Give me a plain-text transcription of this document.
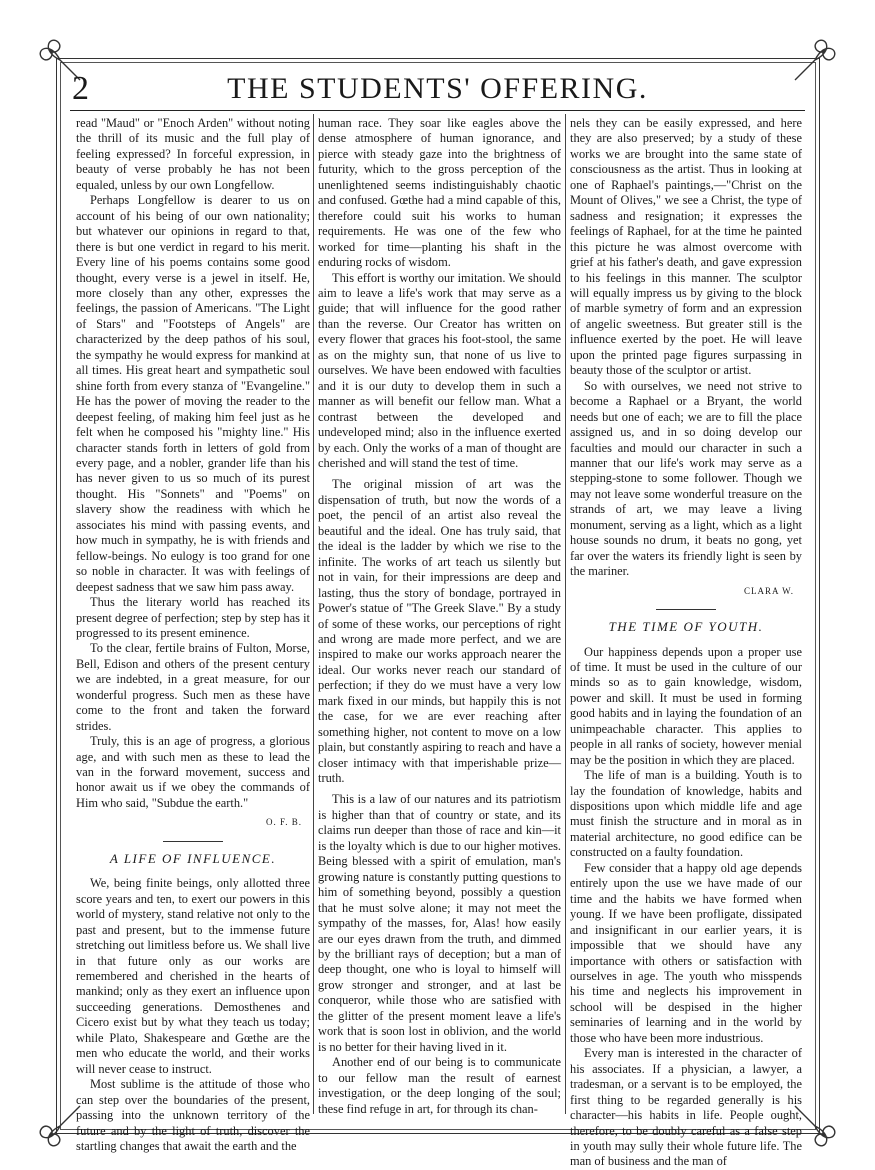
2	THE STUDENTS' OFFERING.

read "Maud" or "Enoch Arden" without noting the thrill of its music and the full play of feeling expressed? In forceful expression, in beauty of verse probably he has not been equaled, unless by our own Longfellow.

Perhaps Longfellow is dearer to us on account of his being of our own nationality; but whatever our opinions in regard to that, there is but one verdict in regard to his merit. Every line of his poems contains some good thought, every verse is a jewel in itself. He, more closely than any other, expresses the feelings, the passion of Americans. "The Light of Stars" and "Footsteps of Angels" are characterized by the deep pathos of his soul, the sympathy he would express for mankind at all times. His great heart and sympathetic soul shine forth from every stanza of "Evangeline." He has the power of moving the reader to the deepest feeling, of making him feel just as he felt when he composed his "mighty line." His character stands forth in letters of gold from every page, and a nobler, grander life than his has never given to us so much of its purest thought. His "Sonnets" and "Poems" on slavery show the readiness with which he associates his mind with passing events, and how much in sympathy, he is with friends and fellow-beings. No eulogy is too grand for one so noble in character. It was with feelings of deepest sadness that we saw him pass away.

Thus the literary world has reached its present degree of perfection; step by step has it progressed to its present eminence.

To the clear, fertile brains of Fulton, Morse, Bell, Edison and others of the present century we are indebted, in a great measure, for our wonderful progress. Such men as these have come to the front and taken the forward strides.

Truly, this is an age of progress, a glorious age, and with such men as these to lead the van in the forward movement, success and honor await us if we obey the commands of Him who said, "Subdue the earth."

O. F. B.
A LIFE OF INFLUENCE.

We, being finite beings, only allotted three score years and ten, to exert our powers in this world of mystery, stand relative not only to the past and present, but to the immense future stretching out limitless before us. We shall live in that future only as our works are remembered and cherished in the hearts of mankind; only as they exert an influence upon succeeding generations. Demosthenes and Cicero exist but by what they teach us today; while Plato, Shakespeare and Gœthe are the men who educate the world, and their works will never cease to instruct.

Most sublime is the attitude of those who can step over the boundaries of the present, passing into the unknown territory of the future and by the light of truth, discover the startling changes that await the earth and the

human race. They soar like eagles above the dense atmosphere of human ignorance, and pierce with steady gaze into the brightness of futurity, which to the gross perception of the unenlightened seems indistinguishably chaotic and confused. Gœthe had a mind capable of this, therefore could suit his works to human requirements. He was one of the few who worked for time—planting his shaft in the enduring rocks of wisdom.

This effort is worthy our imitation. We should aim to leave a life's work that may serve as a guide; that will influence for the good rather than the reverse. Our Creator has written on every flower that graces his foot-stool, the same as on the mighty sun, that none of us live to ourselves. We have been endowed with faculties and it is our duty to develop them in such a manner as will benefit our fellow man. What a contrast between the developed and undeveloped mind; also in the influence exerted by each. Only the works of a man of thought are cherished and will stand the test of time.

The original mission of art was the dispensation of truth, but now the words of a poet, the pencil of an artist also reveal the beautiful and the ideal. One has truly said, that the ideal is the ladder by which we rise to the infinite. The works of art teach us silently but not in vain, for their impressions are deep and lasting, thus the story of bondage, portrayed in Power's statue of "The Greek Slave." By a study of some of these works, our perceptions of right and wrong are made more perfect, and we are inspired to make our works approach nearer the ideal. Our works never reach our standard of perfection; if they do we must have a very low mark fixed in our minds, but happily this is not the case, for we are ever reaching after something higher, not content to move on a low plain, but constantly aspiring to reach and have a closer intimacy with that imperishable prize—truth.

This is a law of our natures and its patriotism is higher than that of country or state, and its claims run deeper than those of race and kin—it is the loyalty which is due to our higher motives. Being blessed with a spirit of emulation, man's growing nature is constantly putting questions to him of something beyond, possibly a question that he must solve alone; it may not meet the sympathy of the masses, for, Alas! how easily are our eyes drawn from the truth, and dimmed by the brilliant rays of deception; but a man of deep thought, one who is loyal to himself will grow stronger and stronger, and at last be conqueror, while those who are satisfied with the glitter of the present moment leave a life's work that is soon lost in oblivion, and the world is no better for their having lived in it.

Another end of our being is to communicate to our fellow man the result of earnest investigation, or the deep longing of the soul; these find refuge in art, for through its chan-

nels they can be easily expressed, and here they are also preserved; by a study of these works we are brought into the same state of consciousness as the artist. Thus in looking at one of Raphael's paintings,—"Christ on the Mount of Olives," we see a Christ, the type of sadness and resignation; it expresses the feelings of Raphael, for at the time he painted this picture he was almost overcome with grief at his father's death, and gave expression to his feelings in this manner. The sculptor will equally impress us by giving to the block of marble symetry of form and an expression of angelic sweetness. But greater still is the influence exerted by the poet. He will leave upon the printed page figures surpassing in beauty those of the sculptor or artist.

So with ourselves, we need not strive to become a Raphael or a Bryant, the world needs but one of each; we are to fill the place assigned us, and in so doing develop our faculties and mould our character in such a manner that our life's work may serve as a stepping-stone to some follower. Though we may not leave some wonderful treasure on the strands of art, we may leave a living monument, serving as a light, which as a light house sounds no drum, it beats no gong, yet far over the waters its friendly light is seen by the mariner.

CLARA W.
THE TIME OF YOUTH.

Our happiness depends upon a proper use of time. It must be used in the culture of our minds so as to gain knowledge, wisdom, power and skill. It must be used in forming good habits and in laying the foundation of an unimpeachable character. This applies to people in all ranks of society, however menial may be the position in which they are placed.

The life of man is a building. Youth is to lay the foundation of knowledge, habits and dispositions upon which middle life and age must finish the structure and in moral as in material architecture, no good edifice can be constructed on a faulty foundation.

Few consider that a happy old age depends entirely upon the use we have made of our time and the habits we have formed when young. If we have been profligate, dissipated and insignificant in our earlier years, it is impossible that we should have any importance with others or satisfaction with ourselves in age. The youth who misspends his time and neglects his improvement in school will be despised in the higher seminaries of learning and in the world by those who have been more industrious.

Every man is interested in the character of his associates. If a physician, a lawyer, a tradesman, or a servant is to be employed, the first thing to be regarded generally is his character—his habits in life. People ought, therefore, to be doubly careful as a false step in youth may sully their whole future life. The man of business and the man of
